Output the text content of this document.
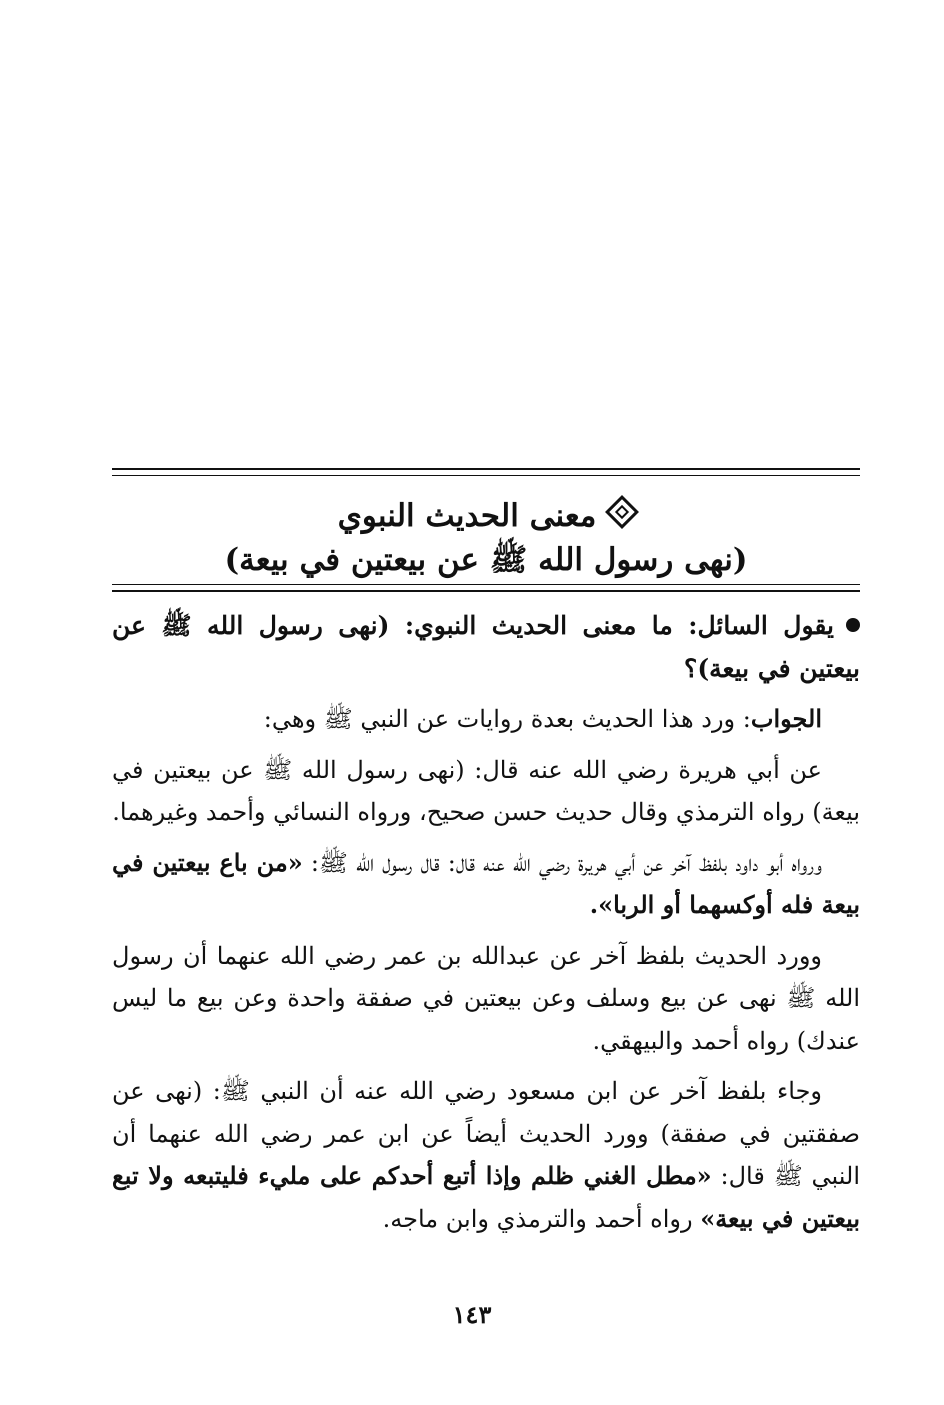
معنى الحديث النبوي
(نهى رسول الله ﷺ عن بيعتين في بيعة)

يقول السائل: ما معنى الحديث النبوي: (نهى رسول الله ﷺ عن بيعتين في بيعة)؟

الجواب: ورد هذا الحديث بعدة روايات عن النبي ﷺ وهي:

عن أبي هريرة رضي الله عنه قال: (نهى رسول الله ﷺ عن بيعتين في بيعة) رواه الترمذي وقال حديث حسن صحيح، ورواه النسائي وأحمد وغيرهما.

ورواه أبو داود بلفظ آخر عن أبي هريرة رضي الله عنه قال: قال رسول الله ﷺ: «من باع بيعتين في بيعة فله أوكسهما أو الربا».

وورد الحديث بلفظ آخر عن عبدالله بن عمر رضي الله عنهما أن رسول الله ﷺ نهى عن بيع وسلف وعن بيعتين في صفقة واحدة وعن بيع ما ليس عندك) رواه أحمد والبيهقي.

وجاء بلفظ آخر عن ابن مسعود رضي الله عنه أن النبي ﷺ: (نهى عن صفقتين في صفقة) وورد الحديث أيضاً عن ابن عمر رضي الله عنهما أن النبي ﷺ قال: «مطل الغني ظلم وإذا أتبع أحدكم على مليء فليتبعه ولا تبع بيعتين في بيعة» رواه أحمد والترمذي وابن ماجه.

١٤٣
